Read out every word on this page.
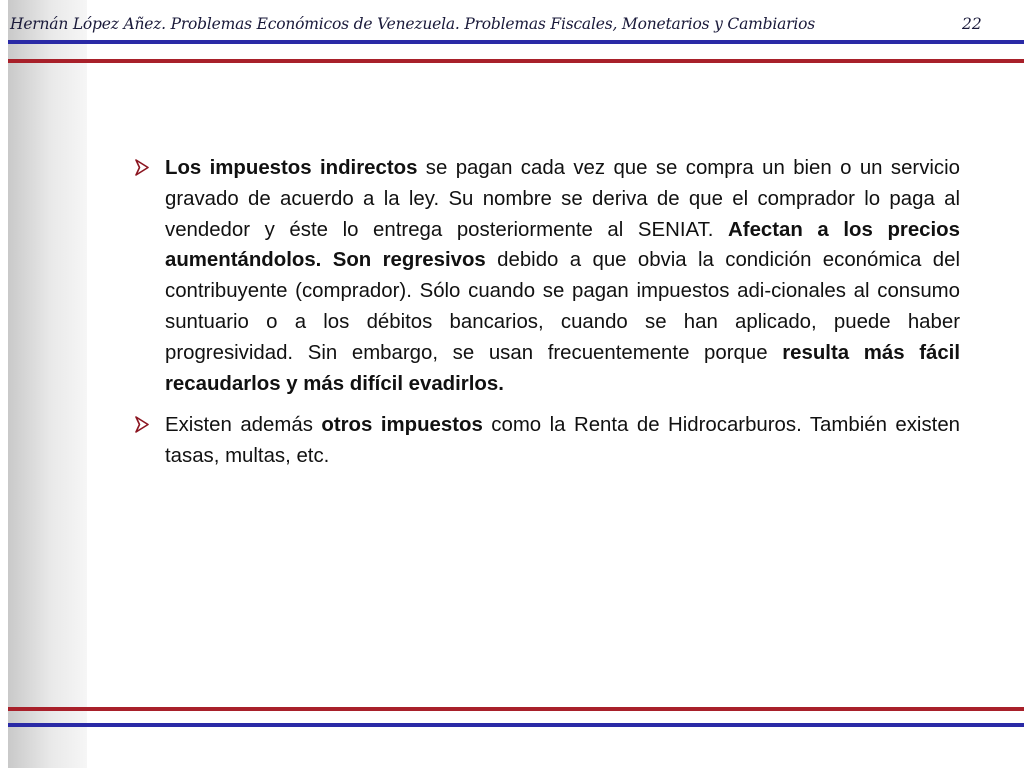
Hernán López Añez. Problemas Económicos de Venezuela. Problemas Fiscales, Monetarios y Cambiarios	22
Los impuestos indirectos se pagan cada vez que se compra un bien o un servicio gravado de acuerdo a la ley. Su nombre se deriva de que el comprador lo paga al vendedor y éste lo entrega posteriormente al SENIAT. Afectan a los precios aumentándolos. Son regresivos debido a que obvia la condición económica del contribuyente (comprador). Sólo cuando se pagan impuestos adi-cionales al consumo suntuario o a los débitos bancarios, cuando se han aplicado, puede haber progresividad. Sin embargo, se usan frecuentemente porque resulta más fácil recaudarlos y más difícil evadirlos.
Existen además otros impuestos como la Renta de Hidrocarburos. También existen tasas, multas, etc.
